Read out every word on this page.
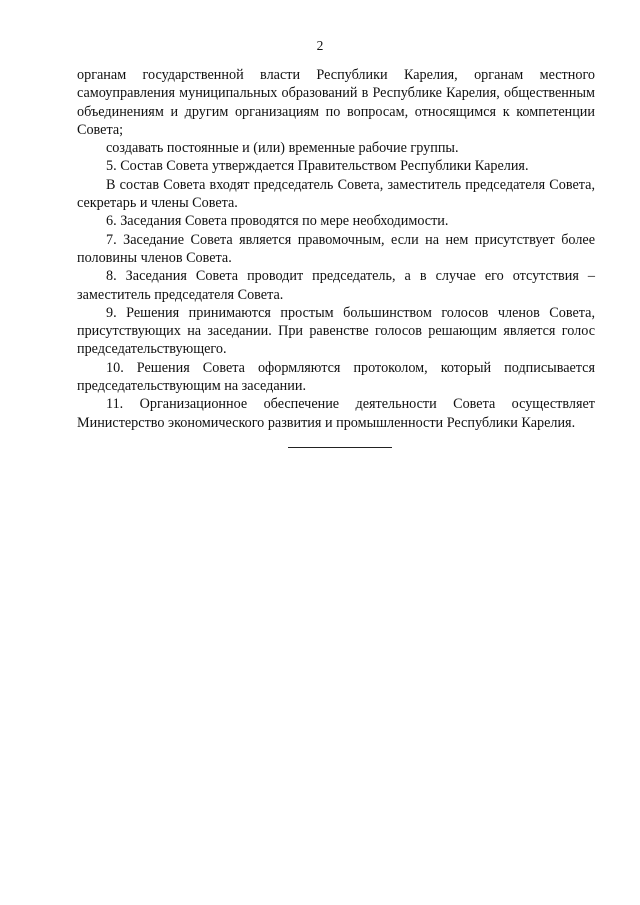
2

органам государственной власти Республики Карелия, органам местного самоуправления муниципальных образований в Республике Карелия, общественным объединениям и другим организациям по вопросам, относящимся к компетенции Совета;

создавать постоянные и (или) временные рабочие группы.

5. Состав Совета утверждается Правительством Республики Карелия.

В состав Совета входят председатель Совета, заместитель председателя Совета, секретарь и члены Совета.

6. Заседания Совета проводятся по мере необходимости.

7. Заседание Совета является правомочным, если на нем присутствует более половины членов Совета.

8. Заседания Совета проводит председатель, а в случае его отсутствия – заместитель председателя Совета.

9. Решения принимаются простым большинством голосов членов Совета, присутствующих на заседании. При равенстве голосов решающим является голос председательствующего.

10. Решения Совета оформляются протоколом, который подписывается председательствующим на заседании.

11. Организационное обеспечение деятельности Совета осуществляет Министерство экономического развития и промышленности Республики Карелия.
